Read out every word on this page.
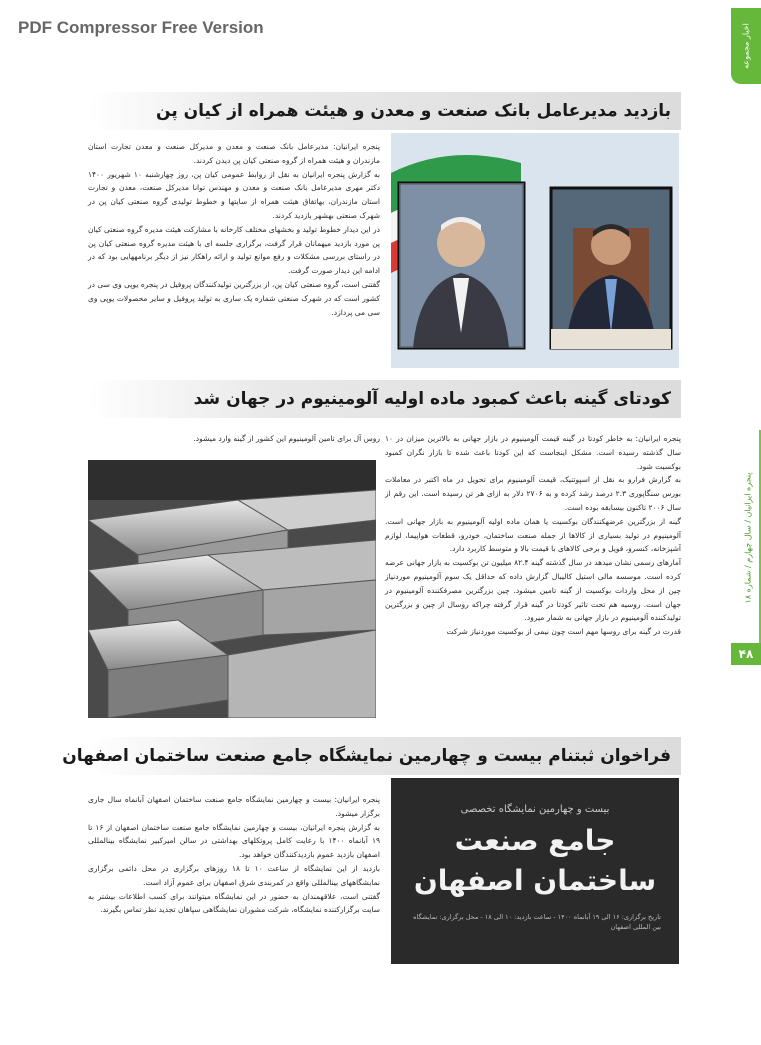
PDF Compressor Free Version	اخبار مجموعه
پنجره ایرانیان / سال چهارم / شماره ۱۸
۴۸
بازدید مدیرعامل بانک صنعت و معدن و هیئت همراه از کیان پن

پنجره ایرانیان: مدیرعامل بانک صنعت و معدن و مدیرکل صنعت و معدن تجارت استان مازندران و هیئت همراه از گروه صنعتی کیان پن دیدن کردند.

به گزارش پنجره ایرانیان به نقل از روابط عمومی کیان پن، روز چهارشنبه ۱۰ شهریور ۱۴۰۰ دکتر مهری مدیرعامل بانک صنعت و معدن و مهندس توانا مدیرکل صنعت، معدن و تجارت استان مازندران، بهاتفاق هیئت همراه از سایتها و خطوط تولیدی گروه صنعتی کیان پن در شهرک صنعتی بهشهر بازدید کردند.

در این دیدار خطوط تولید و بخشهای مختلف کارخانه با مشارکت هیئت مدیره گروه صنعتی کیان پن مورد بازدید میهمانان قرار گرفت، برگزاری جلسه ای با هیئت مدیره گروه صنعتی کیان پن در راستای بررسی مشکلات و رفع موانع تولید و ارائه راهکار نیز از دیگر برنامههایی بود که در ادامه این دیدار صورت گرفت.

گفتنی است، گروه صنعتی کیان پن، از بزرگترین تولیدکنندگان پروفیل در پنجره یوپی وی سی در کشور است که در شهرک صنعتی شماره یک ساری به تولید پروفیل و سایر محصولات یوپی وی سی می پردازد.

کودتای گینه باعث کمبود ماده اولیه آلومینیوم در جهان شد

پنجره ایرانیان: به خاطر کودتا در گینه قیمت آلومینیوم در بازار جهانی به بالاترین میزان در ۱۰ سال گذشته رسیده است. مشکل اینجاست که این کودتا باعث شده تا بازار نگران کمبود بوکسیت شود.

به گزارش فرارو به نقل از اسپوتنیک، قیمت آلومینیوم برای تحویل در ماه اکتبر در معاملات بورس سنگاپوری ۲.۳ درصد رشد کرده و به ۲۷۰۶ دلار به ازای هر تن رسیده است. این رقم از سال ۲۰۰۶ تاکنون بیسابقه بوده است.

گینه از بزرگترین عرضهکنندگان بوکسیت یا همان ماده اولیه آلومینیوم به بازار جهانی است. آلومینیوم در تولید بسیاری از کالاها از جمله صنعت ساختمان، خودرو، قطعات هواپیما، لوازم آشپزخانه، کنسرو، فویل و برخی کالاهای با قیمت بالا و متوسط کاربرد دارد.

آمارهای رسمی نشان میدهد در سال گذشته گینه ۸۲.۴ میلیون تن بوکسیت به بازار جهانی عرضه کرده است. موسسه مالی استیل کالیبال گزارش داده که حداقل یک سوم آلومینیوم موردنیاز چین از محل واردات بوکسیت از گینه تامین میشود. چین بزرگترین مصرفکننده آلومینیوم در جهان است. روسیه هم تحت تاثیر کودتا در گینه قرار گرفته چراکه روسال از چین و بزرگترین تولیدکننده آلومینیوم در بازار جهانی به شمار میرود.

قدرت در گینه برای روسها مهم است چون نیمی از بوکسیت موردنیاز شرکت

روس آل برای تامین آلومینیوم این کشور از گینه وارد میشود.

فراخوان ثبتنام بیست و چهارمین نمایشگاه جامع صنعت ساختمان اصفهان

پنجره ایرانیان: بیست و چهارمین نمایشگاه جامع صنعت ساختمان اصفهان آبانماه سال جاری برگزار میشود.

به گزارش پنجره ایرانیان، بیست و چهارمین نمایشگاه جامع صنعت ساختمان اصفهان از ۱۶ تا ۱۹ آبانماه ۱۴۰۰ با رعایت کامل پروتکلهای بهداشتی در سالن امیرکبیر نمایشگاه بینالمللی اصفهان بازدید عموم بازدیدکنندگان خواهد بود.

بازدید از این نمایشگاه از ساعت ۱۰ تا ۱۸ روزهای برگزاری در محل دائمی برگزاری نمایشگاههای بینالمللی واقع در کمربندی شرق اصفهان برای عموم آزاد است.

گفتنی است، علاقهمندان به حضور در این نمایشگاه میتوانند برای کسب اطلاعات بیشتر به سایت برگزارکننده نمایشگاه، شرکت مشوران نمایشگاهی سپاهان تجدید نظر تماس بگیرند.

بیست و چهارمین نمایشگاه تخصصی
جامع صنعت
ساختمان اصفهان
تاریخ برگزاری: ۱۶ الی ۱۹ آبانماه ۱۴۰۰ - ساعت بازدید: ۱۰ الی ۱۸ - محل برگزاری: نمایشگاه بین المللی اصفهان
